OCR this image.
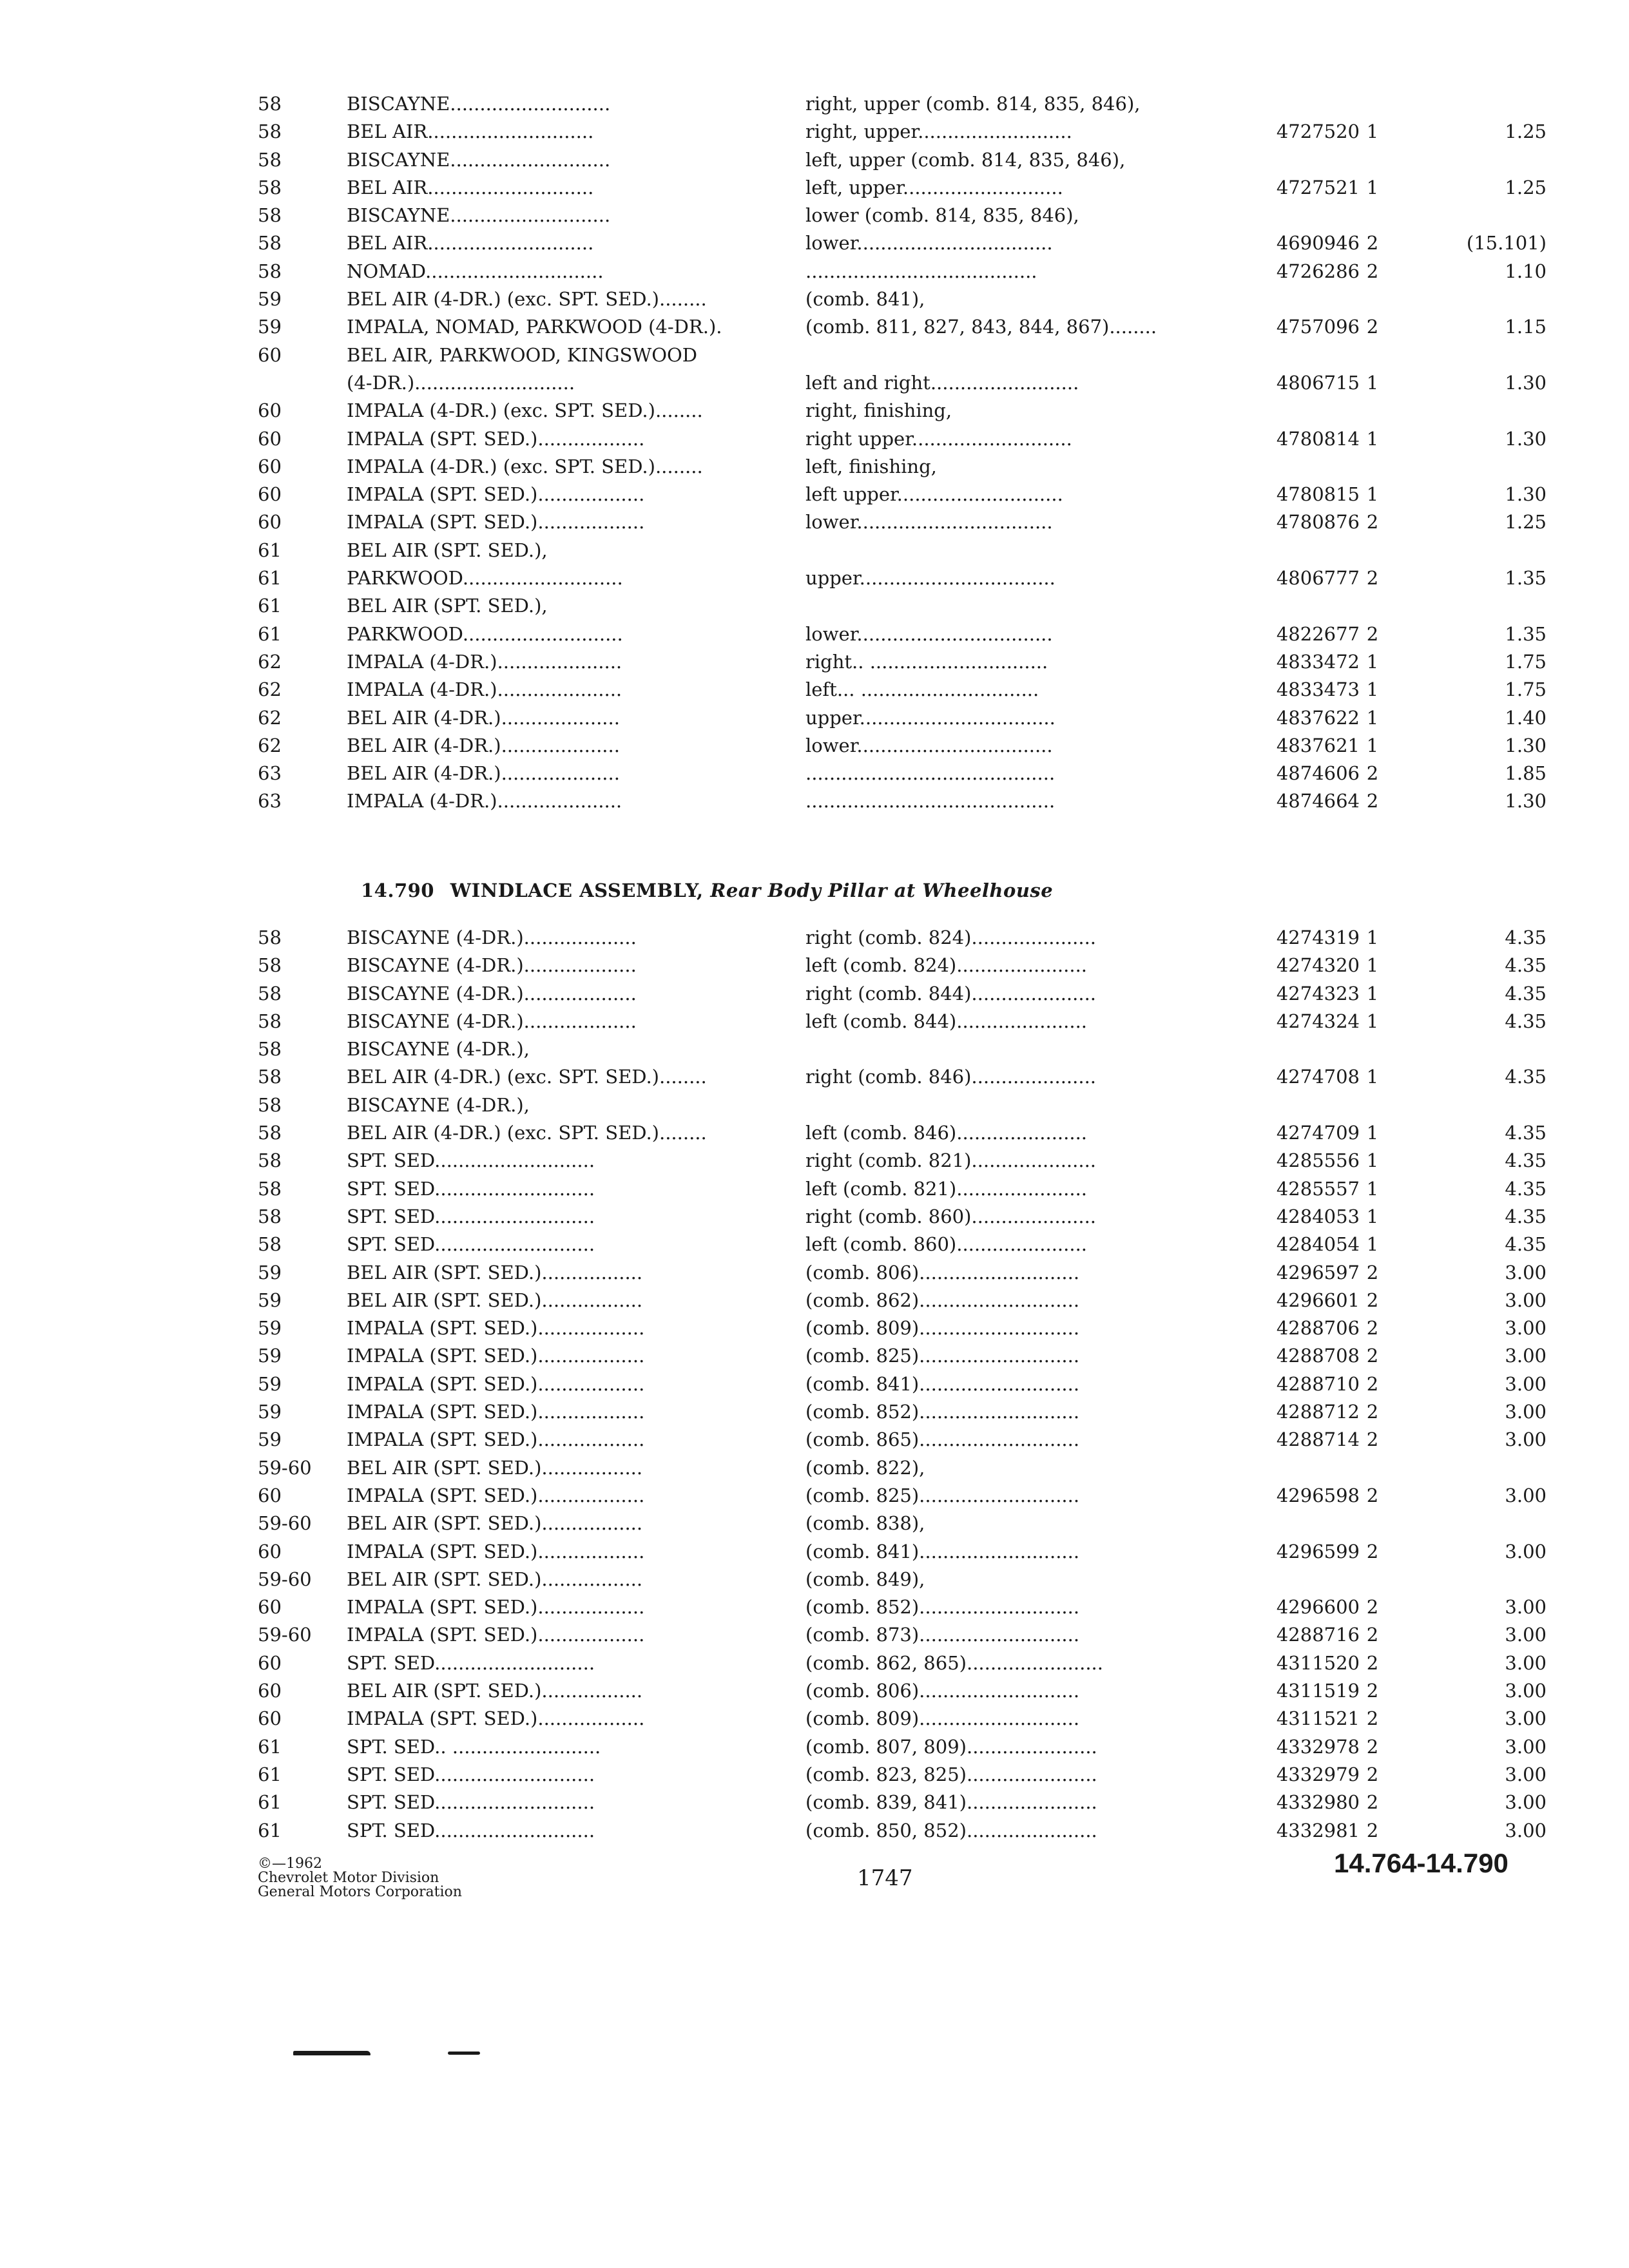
58	BISCAYNE...........................	right, upper (comb. 814, 835, 846),
58	BEL AIR............................	right, upper..........................	4727520 1	1.25
58	BISCAYNE...........................	left, upper (comb. 814, 835, 846),
58	BEL AIR............................	left, upper...........................	4727521 1	1.25
58	BISCAYNE...........................	lower (comb. 814, 835, 846),
58	BEL AIR............................	lower.................................	4690946 2	(15.101)
58	NOMAD..............................	.......................................	4726286 2	1.10
59	BEL AIR (4-DR.) (exc. SPT. SED.)........	(comb. 841),
59	IMPALA, NOMAD, PARKWOOD (4-DR.).	(comb. 811, 827, 843, 844, 867)........	4757096 2	1.15
60	BEL AIR, PARKWOOD, KINGSWOOD
(4-DR.)...........................	left and right.........................	4806715 1	1.30
60	IMPALA (4-DR.) (exc. SPT. SED.)........	right, finishing,
60	IMPALA (SPT. SED.)..................	right upper...........................	4780814 1	1.30
60	IMPALA (4-DR.) (exc. SPT. SED.)........	left, finishing,
60	IMPALA (SPT. SED.)..................	left upper............................	4780815 1	1.30
60	IMPALA (SPT. SED.)..................	lower.................................	4780876 2	1.25
61	BEL AIR (SPT. SED.),
61	PARKWOOD...........................	upper.................................	4806777 2	1.35
61	BEL AIR (SPT. SED.),
61	PARKWOOD...........................	lower.................................	4822677 2	1.35
62	IMPALA (4-DR.).....................	right.. ..............................	4833472 1	1.75
62	IMPALA (4-DR.).....................	left... ..............................	4833473 1	1.75
62	BEL AIR (4-DR.)....................	upper.................................	4837622 1	1.40
62	BEL AIR (4-DR.)....................	lower.................................	4837621 1	1.30
63	BEL AIR (4-DR.)....................	..........................................	4874606 2	1.85
63	IMPALA (4-DR.).....................	..........................................	4874664 2	1.30
14.790 WINDLACE ASSEMBLY, Rear Body Pillar at Wheelhouse
58	BISCAYNE (4-DR.)...................	right (comb. 824).....................	4274319 1	4.35
58	BISCAYNE (4-DR.)...................	left (comb. 824)......................	4274320 1	4.35
58	BISCAYNE (4-DR.)...................	right (comb. 844).....................	4274323 1	4.35
58	BISCAYNE (4-DR.)...................	left (comb. 844)......................	4274324 1	4.35
58	BISCAYNE (4-DR.),
58	BEL AIR (4-DR.) (exc. SPT. SED.)........	right (comb. 846).....................	4274708 1	4.35
58	BISCAYNE (4-DR.),
58	BEL AIR (4-DR.) (exc. SPT. SED.)........	left (comb. 846)......................	4274709 1	4.35
58	SPT. SED...........................	right (comb. 821).....................	4285556 1	4.35
58	SPT. SED...........................	left (comb. 821)......................	4285557 1	4.35
58	SPT. SED...........................	right (comb. 860).....................	4284053 1	4.35
58	SPT. SED...........................	left (comb. 860)......................	4284054 1	4.35
59	BEL AIR (SPT. SED.).................	(comb. 806)...........................	4296597 2	3.00
59	BEL AIR (SPT. SED.).................	(comb. 862)...........................	4296601 2	3.00
59	IMPALA (SPT. SED.)..................	(comb. 809)...........................	4288706 2	3.00
59	IMPALA (SPT. SED.)..................	(comb. 825)...........................	4288708 2	3.00
59	IMPALA (SPT. SED.)..................	(comb. 841)...........................	4288710 2	3.00
59	IMPALA (SPT. SED.)..................	(comb. 852)...........................	4288712 2	3.00
59	IMPALA (SPT. SED.)..................	(comb. 865)...........................	4288714 2	3.00
59-60	BEL AIR (SPT. SED.).................	(comb. 822),
60	IMPALA (SPT. SED.)..................	(comb. 825)...........................	4296598 2	3.00
59-60	BEL AIR (SPT. SED.).................	(comb. 838),
60	IMPALA (SPT. SED.)..................	(comb. 841)...........................	4296599 2	3.00
59-60	BEL AIR (SPT. SED.).................	(comb. 849),
60	IMPALA (SPT. SED.)..................	(comb. 852)...........................	4296600 2	3.00
59-60	IMPALA (SPT. SED.)..................	(comb. 873)...........................	4288716 2	3.00
60	SPT. SED...........................	(comb. 862, 865).......................	4311520 2	3.00
60	BEL AIR (SPT. SED.).................	(comb. 806)...........................	4311519 2	3.00
60	IMPALA (SPT. SED.)..................	(comb. 809)...........................	4311521 2	3.00
61	SPT. SED.. .........................	(comb. 807, 809)......................	4332978 2	3.00
61	SPT. SED...........................	(comb. 823, 825)......................	4332979 2	3.00
61	SPT. SED...........................	(comb. 839, 841)......................	4332980 2	3.00
61	SPT. SED...........................	(comb. 850, 852)......................	4332981 2	3.00
©—1962
Chevrolet Motor Division
General Motors Corporation
1747	14.764-14.790
